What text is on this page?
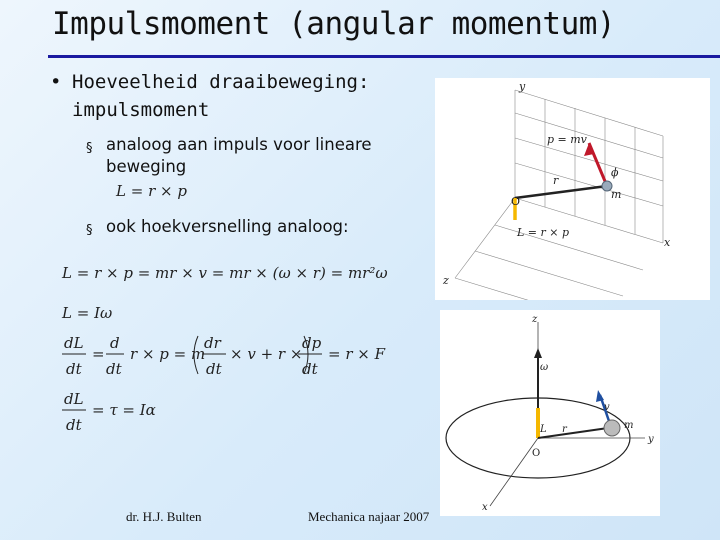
Impulsmoment (angular momentum)
• Hoeveelheid draaibeweging:
impulsmoment
§ analoog aan impuls voor lineare
beweging
L = r × p
§ ook hoekversnelling analoog:
L = r × p = mr × v = mr × (ω × r) = mr²ω
L = Iω
dL
dt
=
d
dt
r × p = m
dr
dt
× v + r ×
dp
dt
= r × F
dL
dt
= τ = Iα
y
x
z
O
m
ϕ
p = mv
r
L = r × p
z
y
x
O
m
ω
L r
v
dr. H.J. Bulten	Mechanica najaar 2007
